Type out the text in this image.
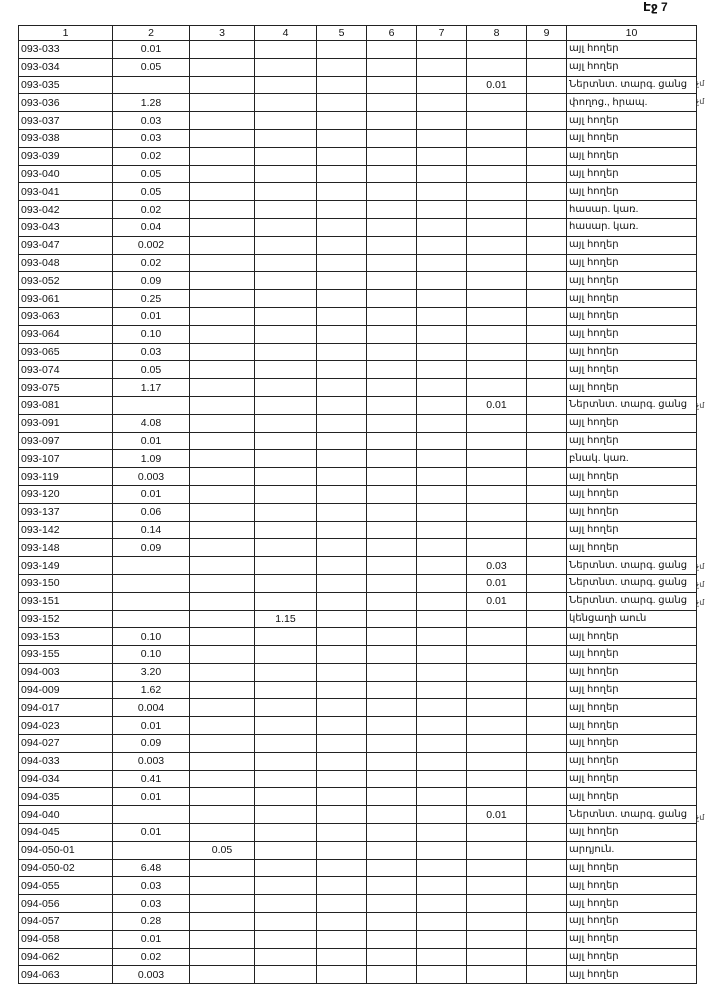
Էջ 7
1	2	3	4	5	6	7	8	9	10
093-033	0.01								այլ հողեր
093-034	0.05								այլ հողեր
093-035							0.01		Ներտնտ. տարգ. ցանց
093-036	1.28								փողոց., հրապ.
093-037	0.03								այլ հողեր
093-038	0.03								այլ հողեր
093-039	0.02								այլ հողեր
093-040	0.05								այլ հողեր
093-041	0.05								այլ հողեր
093-042	0.02								հասար. կառ.
093-043	0.04								հասար. կառ.
093-047	0.002								այլ հողեր
093-048	0.02								այլ հողեր
093-052	0.09								այլ հողեր
093-061	0.25								այլ հողեր
093-063	0.01								այլ հողեր
093-064	0.10								այլ հողեր
093-065	0.03								այլ հողեր
093-074	0.05								այլ հողեր
093-075	1.17								այլ հողեր
093-081							0.01		Ներտնտ. տարգ. ցանց
093-091	4.08								այլ հողեր
093-097	0.01								այլ հողեր
093-107	1.09								բնակ. կառ.
093-119	0.003								այլ հողեր
093-120	0.01								այլ հողեր
093-137	0.06								այլ հողեր
093-142	0.14								այլ հողեր
093-148	0.09								այլ հողեր
093-149							0.03		Ներտնտ. տարգ. ցանց
093-150							0.01		Ներտնտ. տարգ. ցանց
093-151							0.01		Ներտնտ. տարգ. ցանց
093-152			1.15						կենցաղի աուն
093-153	0.10								այլ հողեր
093-155	0.10								այլ հողեր
094-003	3.20								այլ հողեր
094-009	1.62								այլ հողեր
094-017	0.004								այլ հողեր
094-023	0.01								այլ հողեր
094-027	0.09								այլ հողեր
094-033	0.003								այլ հողեր
094-034	0.41								այլ հողեր
094-035	0.01								այլ հողեր
094-040							0.01		Ներտնտ. տարգ. ցանց
094-045	0.01								այլ հողեր
094-050-01		0.05							արդյուն.
094-050-02	6.48								այլ հողեր
094-055	0.03								այլ հողեր
094-056	0.03								այլ հողեր
094-057	0.28								այլ հողեր
094-058	0.01								այլ հողեր
094-062	0.02								այլ հողեր
094-063	0.003								այլ հողեր
չմ
չմ
չմ
չմ
չմ
չմ
չմ
